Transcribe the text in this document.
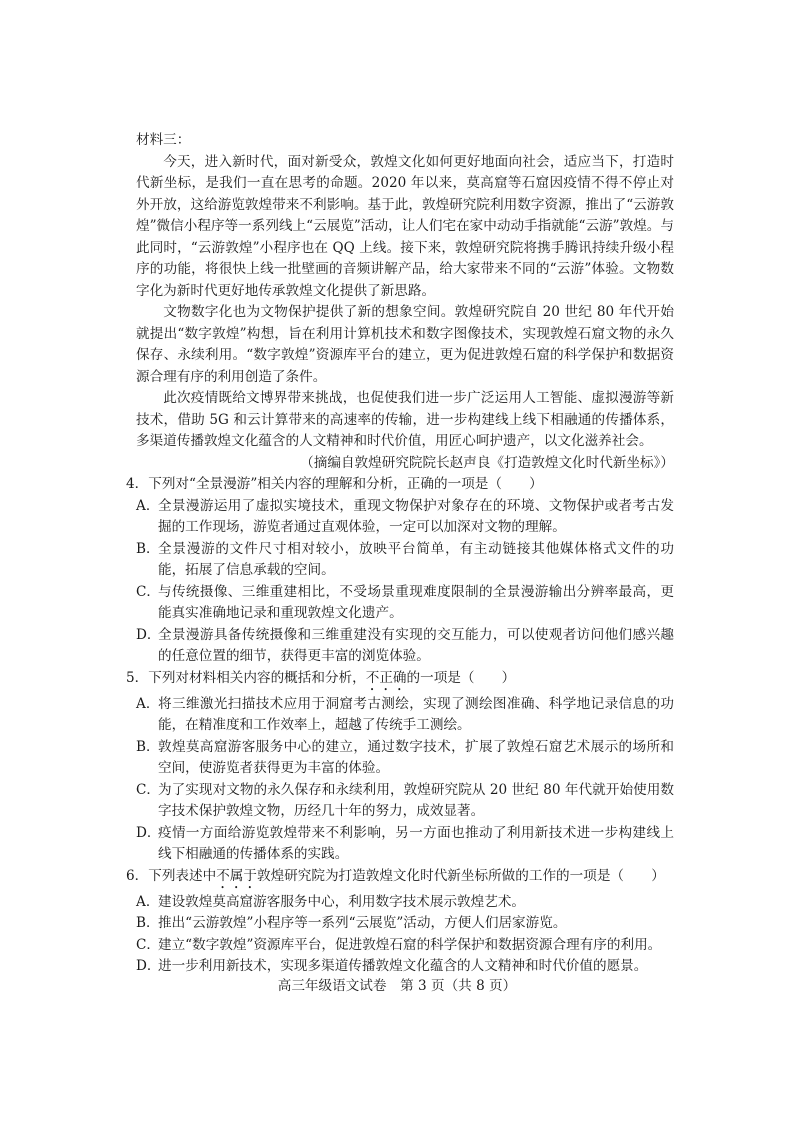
材料三：

今天，进入新时代，面对新受众，敦煌文化如何更好地面向社会，适应当下，打造时代新坐标，是我们一直在思考的命题。2020 年以来，莫高窟等石窟因疫情不得不停止对外开放，这给游览敦煌带来不利影响。基于此，敦煌研究院利用数字资源，推出了“云游敦煌”微信小程序等一系列线上“云展览”活动，让人们宅在家中动动手指就能“云游”敦煌。与此同时，“云游敦煌”小程序也在 QQ 上线。接下来，敦煌研究院将携手腾讯持续升级小程序的功能，将很快上线一批壁画的音频讲解产品，给大家带来不同的“云游”体验。文物数字化为新时代更好地传承敦煌文化提供了新思路。

文物数字化也为文物保护提供了新的想象空间。敦煌研究院自 20 世纪 80 年代开始就提出“数字敦煌”构想，旨在利用计算机技术和数字图像技术，实现敦煌石窟文物的永久保存、永续利用。“数字敦煌”资源库平台的建立，更为促进敦煌石窟的科学保护和数据资源合理有序的利用创造了条件。

此次疫情既给文博界带来挑战，也促使我们进一步广泛运用人工智能、虚拟漫游等新技术，借助 5G 和云计算带来的高速率的传输，进一步构建线上线下相融通的传播体系，多渠道传播敦煌文化蕴含的人文精神和时代价值，用匠心呵护遗产，以文化滋养社会。

（摘编自敦煌研究院院长赵声良《打造敦煌文化时代新坐标》）

4．下列对“全景漫游”相关内容的理解和分析，正确的一项是（　　）

A．
全景漫游运用了虚拟实境技术，重现文物保护对象存在的环境、文物保护或者考古发掘的工作现场，游览者通过直观体验，一定可以加深对文物的理解。

B．
全景漫游的文件尺寸相对较小，放映平台简单，有主动链接其他媒体格式文件的功能，拓展了信息承载的空间。

C．
与传统摄像、三维重建相比，不受场景重现难度限制的全景漫游输出分辨率最高，更能真实准确地记录和重现敦煌文化遗产。

D．
全景漫游具备传统摄像和三维重建没有实现的交互能力，可以使观者访问他们感兴趣的任意位置的细节，获得更丰富的浏览体验。

5．下列对材料相关内容的概括和分析，不正确的一项是（　　）

A．
将三维激光扫描技术应用于洞窟考古测绘，实现了测绘图准确、科学地记录信息的功能，在精准度和工作效率上，超越了传统手工测绘。

B．
敦煌莫高窟游客服务中心的建立，通过数字技术，扩展了敦煌石窟艺术展示的场所和空间，使游览者获得更为丰富的体验。

C．
为了实现对文物的永久保存和永续利用，敦煌研究院从 20 世纪 80 年代就开始使用数字技术保护敦煌文物，历经几十年的努力，成效显著。

D．
疫情一方面给游览敦煌带来不利影响，另一方面也推动了利用新技术进一步构建线上线下相融通的传播体系的实践。

6．下列表述中不属于敦煌研究院为打造敦煌文化时代新坐标所做的工作的一项是（　　）

A．
建设敦煌莫高窟游客服务中心，利用数字技术展示敦煌艺术。

B．
推出“云游敦煌”小程序等一系列“云展览”活动，方便人们居家游览。

C．
建立“数字敦煌”资源库平台，促进敦煌石窟的科学保护和数据资源合理有序的利用。

D．
进一步利用新技术，实现多渠道传播敦煌文化蕴含的人文精神和时代价值的愿景。

高三年级语文试卷　第 3 页（共 8 页）
